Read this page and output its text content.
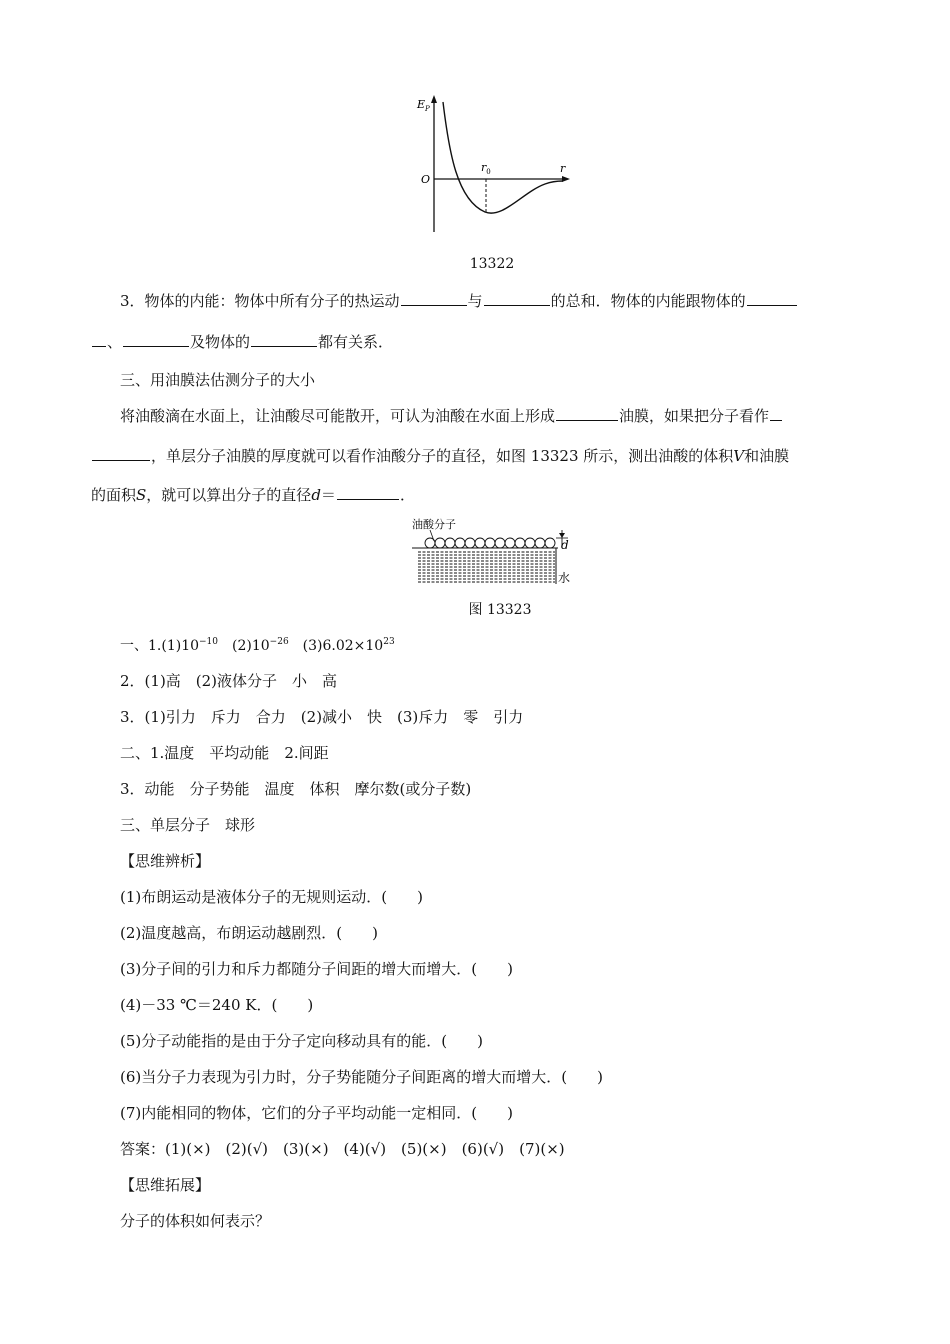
$E_P$
O
$r_0$	r
13322
3．物体的内能：物体中所有分子的热运动	与	的总和．物体的内能跟物体的
、	及物体的	都有关系．
三、用油膜法估测分子的大小
将油酸滴在水面上，让油酸尽可能散开，可认为油酸在水面上形成	油膜，如果把分子看作
，单层分子油膜的厚度就可以看作油酸分子的直径，如图 13323 所示，测出油酸的体积V和油膜
的面积S，就可以算出分子的直径d＝	．
油酸分子
d
水
图 13323
一、$1.(1)10^{-10}$　$(2)10^{-26}$　$(3)6.02\times 10^{23}$
2．(1)高　(2)液体分子　小　高
3．(1)引力　斥力　合力　(2)减小　快　(3)斥力　零　引力
二、1.温度　平均动能　2.间距
3．动能　分子势能　温度　体积　摩尔数(或分子数)
三、单层分子　球形
【思维辨析】
(1)布朗运动是液体分子的无规则运动．(　　)
(2)温度越高，布朗运动越剧烈．(　　)
(3)分子间的引力和斥力都随分子间距的增大而增大．(　　)
(4)－33 ℃＝240 K．(　　)
(5)分子动能指的是由于分子定向移动具有的能．(　　)
(6)当分子力表现为引力时，分子势能随分子间距离的增大而增大．(　　)
(7)内能相同的物体，它们的分子平均动能一定相同．(　　)
答案：(1)(×)　(2)(√)　(3)(×)　(4)(√)　(5)(×)　(6)(√)　(7)(×)
【思维拓展】
分子的体积如何表示？
